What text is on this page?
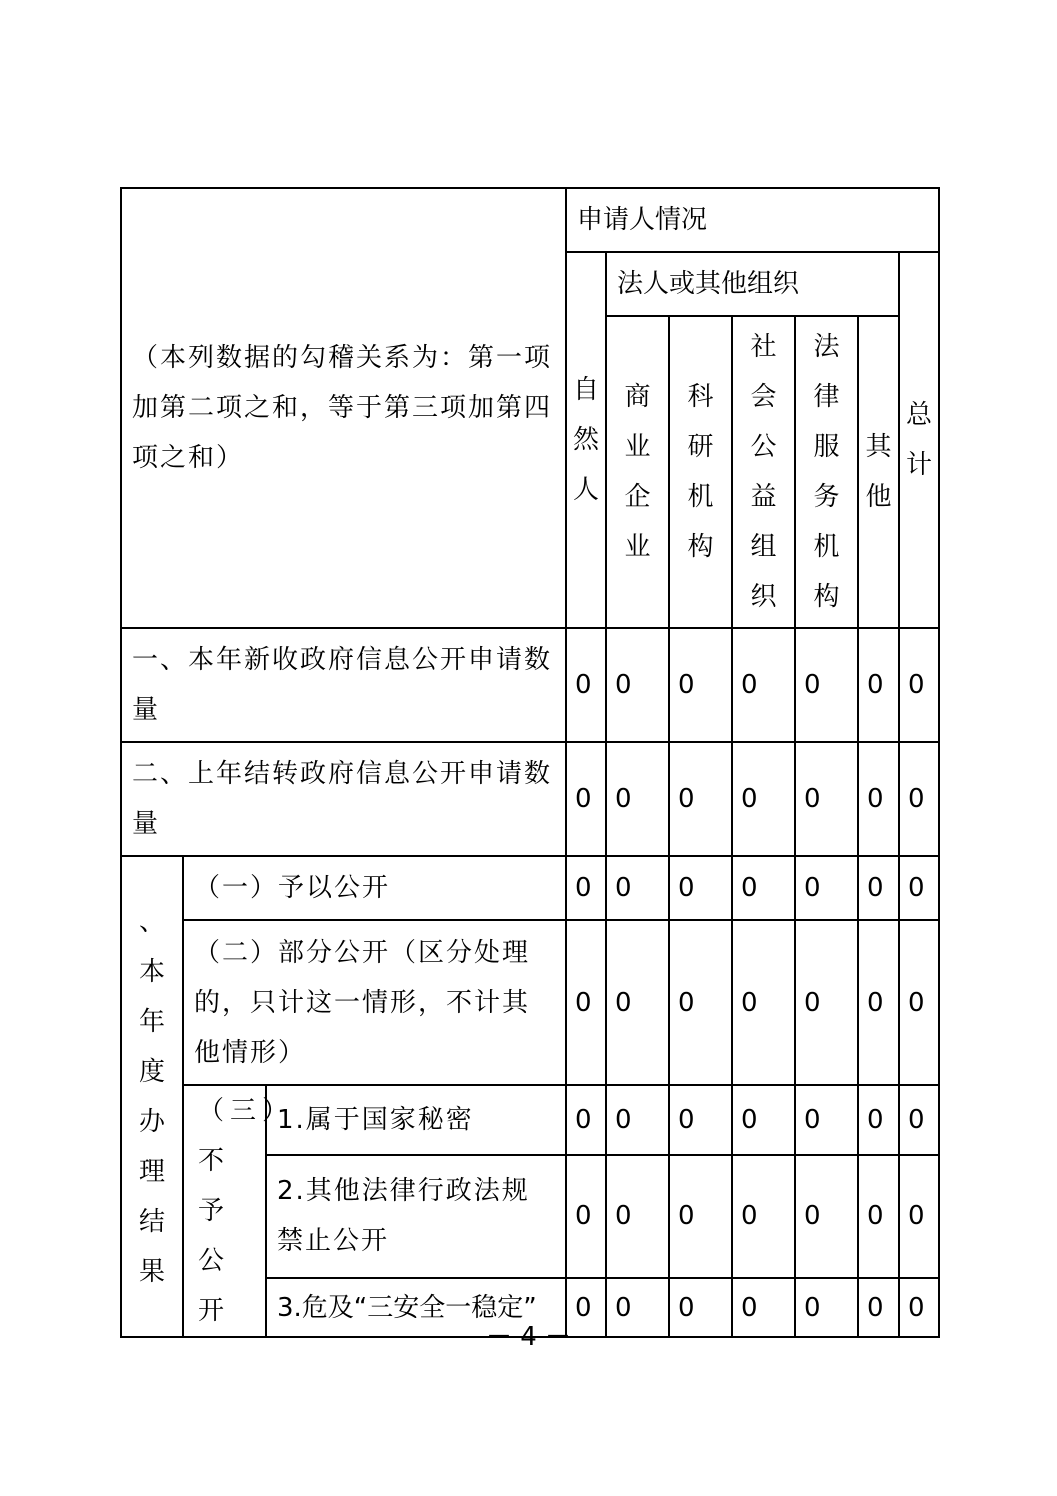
（本列数据的勾稽关系为：第一项加第二项之和，等于第三项加第四项之和）			申请人情况						
			自然人	法人或其他组织					总计
				商业企业	科研机构	社会公益组织	法律服务机构	其他	
一、本年新收政府信息公开申请数量			0	0	0	0	0	0	0
二、上年结转政府信息公开申请数量			0	0	0	0	0	0	0
、本年度办理结果	（一）予以公开		0	0	0	0	0	0	0
	（二）部分公开（区分处理的，只计这一情形，不计其他情形）		0	0	0	0	0	0	0
	（三）不予公开	1.属于国家秘密	0	0	0	0	0	0	0
		2.其他法律行政法规禁止公开	0	0	0	0	0	0	0
		3.危及“三安全一稳定”	0	0	0	0	0	0	0
－ 4 －
